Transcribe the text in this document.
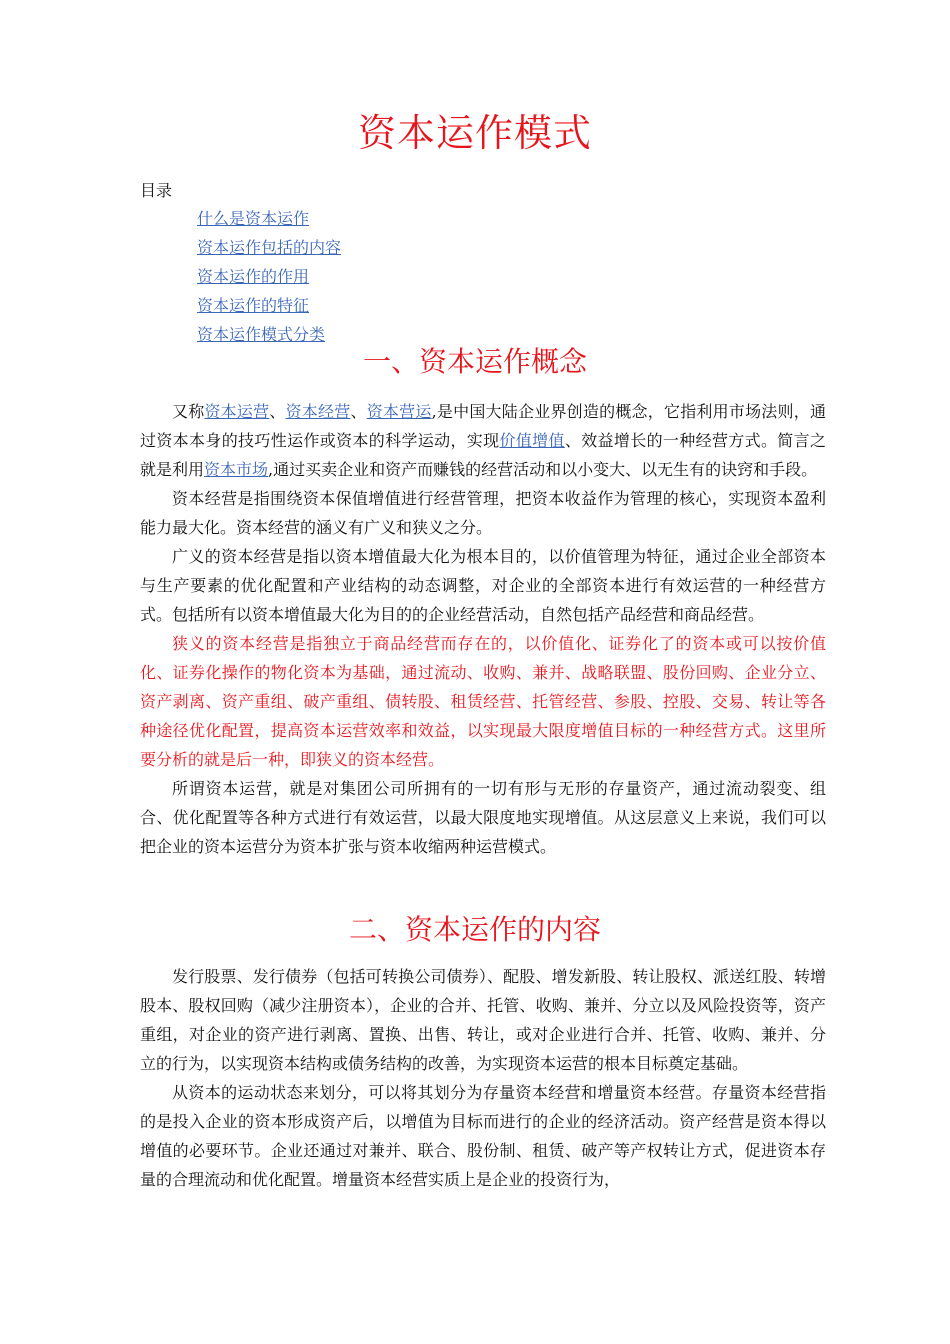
资本运作模式
目录
什么是资本运作
资本运作包括的内容
资本运作的作用
资本运作的特征
资本运作模式分类
一、资本运作概念

又称资本运营、资本经营、资本营运,是中国大陆企业界创造的概念，它指利用市场法则，通过资本本身的技巧性运作或资本的科学运动，实现价值增值、效益增长的一种经营方式。简言之就是利用资本市场,通过买卖企业和资产而赚钱的经营活动和以小变大、以无生有的诀窍和手段。

资本经营是指围绕资本保值增值进行经营管理，把资本收益作为管理的核心，实现资本盈利能力最大化。资本经营的涵义有广义和狭义之分。

广义的资本经营是指以资本增值最大化为根本目的，以价值管理为特征，通过企业全部资本与生产要素的优化配置和产业结构的动态调整，对企业的全部资本进行有效运营的一种经营方式。包括所有以资本增值最大化为目的的企业经营活动，自然包括产品经营和商品经营。

狭义的资本经营是指独立于商品经营而存在的，以价值化、证券化了的资本或可以按价值化、证券化操作的物化资本为基础，通过流动、收购、兼并、战略联盟、股份回购、企业分立、资产剥离、资产重组、破产重组、债转股、租赁经营、托管经营、参股、控股、交易、转让等各种途径优化配置，提高资本运营效率和效益，以实现最大限度增值目标的一种经营方式。这里所要分析的就是后一种，即狭义的资本经营。

所谓资本运营，就是对集团公司所拥有的一切有形与无形的存量资产，通过流动裂变、组合、优化配置等各种方式进行有效运营，以最大限度地实现增值。从这层意义上来说，我们可以把企业的资本运营分为资本扩张与资本收缩两种运营模式。

二、资本运作的内容

发行股票、发行债券（包括可转换公司债券）、配股、增发新股、转让股权、派送红股、转增股本、股权回购（减少注册资本），企业的合并、托管、收购、兼并、分立以及风险投资等，资产重组，对企业的资产进行剥离、置换、出售、转让，或对企业进行合并、托管、收购、兼并、分立的行为，以实现资本结构或债务结构的改善，为实现资本运营的根本目标奠定基础。

从资本的运动状态来划分，可以将其划分为存量资本经营和增量资本经营。存量资本经营指的是投入企业的资本形成资产后，以增值为目标而进行的企业的经济活动。资产经营是资本得以增值的必要环节。企业还通过对兼并、联合、股份制、租赁、破产等产权转让方式，促进资本存量的合理流动和优化配置。增量资本经营实质上是企业的投资行为，
